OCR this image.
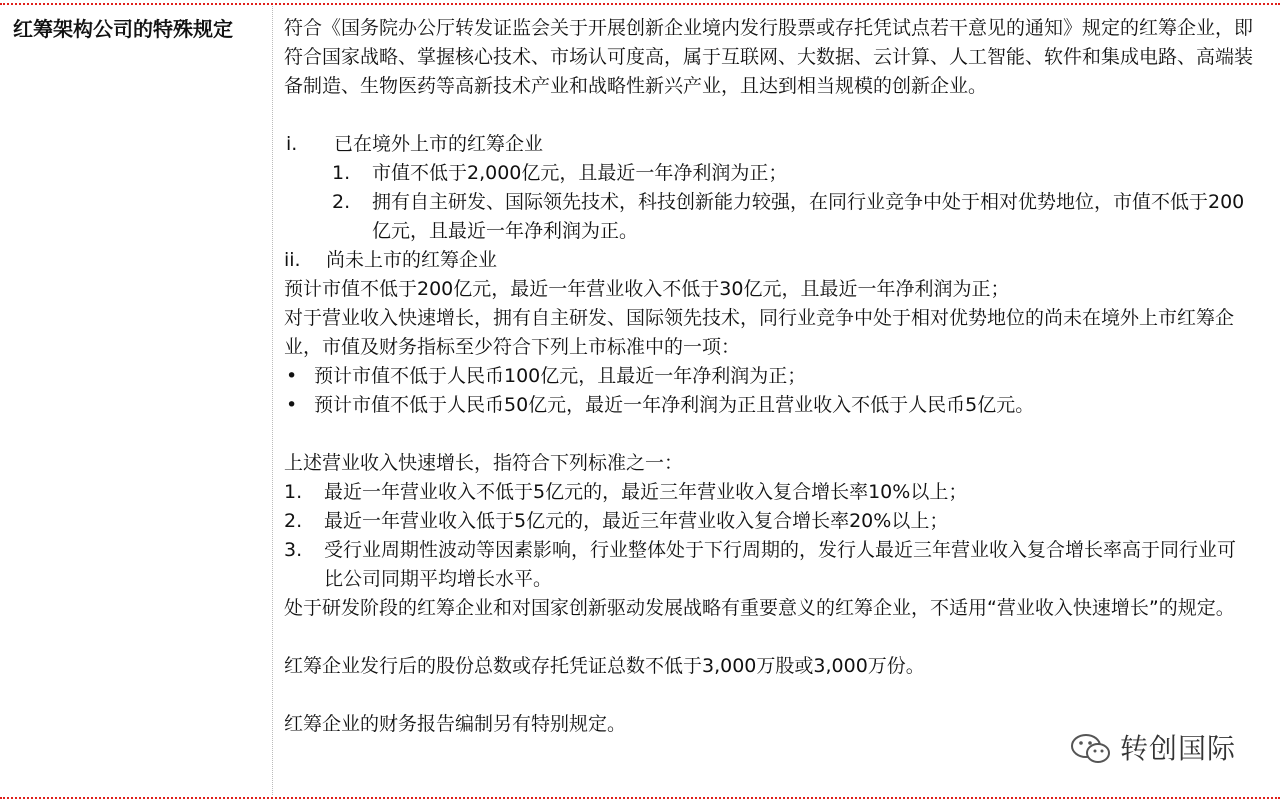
红筹架构公司的特殊规定	符合《国务院办公厅转发证监会关于开展创新企业境内发行股票或存托凭试点若干意见的通知》规定的红筹企业，即符合国家战略、掌握核心技术、市场认可度高，属于互联网、大数据、云计算、人工智能、软件和集成电路、高端装备制造、生物医药等高新技术产业和战略性新兴产业，且达到相当规模的创新企业。
i.	已在境外上市的红筹企业
1.	市值不低于2,000亿元，且最近一年净利润为正；
2.	拥有自主研发、国际领先技术，科技创新能力较强，在同行业竞争中处于相对优势地位，市值不低于200亿元，且最近一年净利润为正。
ii.	尚未上市的红筹企业
预计市值不低于200亿元，最近一年营业收入不低于30亿元，且最近一年净利润为正；
对于营业收入快速增长，拥有自主研发、国际领先技术，同行业竞争中处于相对优势地位的尚未在境外上市红筹企业，市值及财务指标至少符合下列上市标准中的一项：
• 预计市值不低于人民币100亿元，且最近一年净利润为正；
• 预计市值不低于人民币50亿元，最近一年净利润为正且营业收入不低于人民币5亿元。
上述营业收入快速增长，指符合下列标准之一：
1.	最近一年营业收入不低于5亿元的，最近三年营业收入复合增长率10%以上；
2.	最近一年营业收入低于5亿元的，最近三年营业收入复合增长率20%以上；
3.	受行业周期性波动等因素影响，行业整体处于下行周期的，发行人最近三年营业收入复合增长率高于同行业可比公司同期平均增长水平。
处于研发阶段的红筹企业和对国家创新驱动发展战略有重要意义的红筹企业，不适用“营业收入快速增长”的规定。
红筹企业发行后的股份总数或存托凭证总数不低于3,000万股或3,000万份。
红筹企业的财务报告编制另有特别规定。
转创国际
